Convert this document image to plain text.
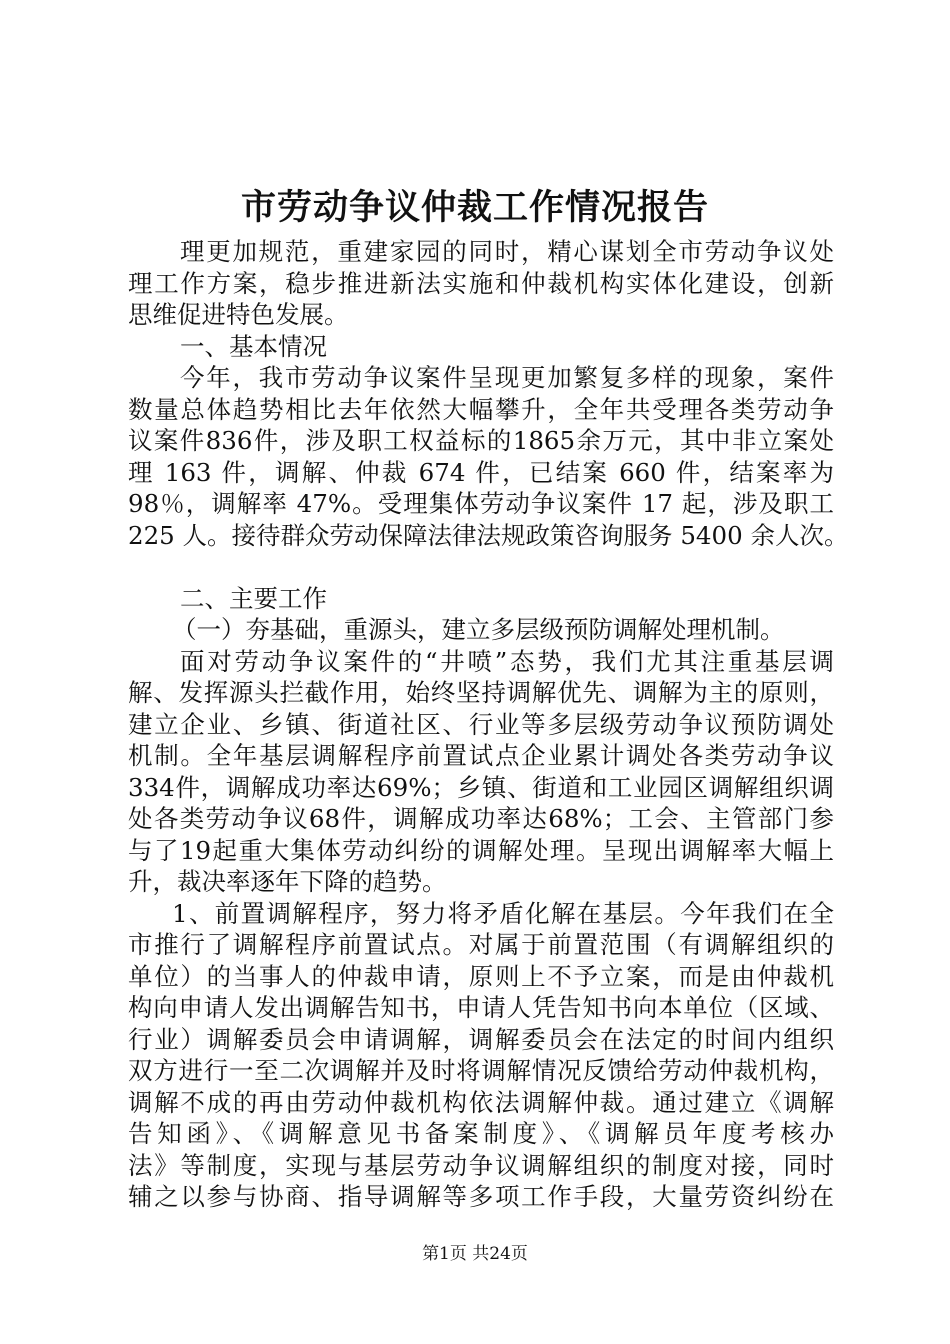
市劳动争议仲裁工作情况报告
理更加规范，重建家园的同时，精心谋划全市劳动争议处
理工作方案，稳步推进新法实施和仲裁机构实体化建设，创新
思维促进特色发展。
一、基本情况
今年，我市劳动争议案件呈现更加繁复多样的现象，案件
数量总体趋势相比去年依然大幅攀升，全年共受理各类劳动争
议案件836件，涉及职工权益标的1865余万元，其中非立案处
理 163 件，调解、仲裁 674 件，已结案 660 件，结案率为
98％，调解率 47%。受理集体劳动争议案件 17 起，涉及职工
225 人。接待群众劳动保障法律法规政策咨询服务 5400 余人次。
二、主要工作
（一）夯基础，重源头，建立多层级预防调解处理机制。
面对劳动争议案件的“井喷”态势，我们尤其注重基层调
解、发挥源头拦截作用，始终坚持调解优先、调解为主的原则，
建立企业、乡镇、街道社区、行业等多层级劳动争议预防调处
机制。全年基层调解程序前置试点企业累计调处各类劳动争议
334件，调解成功率达69%；乡镇、街道和工业园区调解组织调
处各类劳动争议68件，调解成功率达68%；工会、主管部门参
与了19起重大集体劳动纠纷的调解处理。呈现出调解率大幅上
升，裁决率逐年下降的趋势。
1、前置调解程序，努力将矛盾化解在基层。今年我们在全
市推行了调解程序前置试点。对属于前置范围（有调解组织的
单位）的当事人的仲裁申请，原则上不予立案，而是由仲裁机
构向申请人发出调解告知书，申请人凭告知书向本单位（区域、
行业）调解委员会申请调解，调解委员会在法定的时间内组织
双方进行一至二次调解并及时将调解情况反馈给劳动仲裁机构，
调解不成的再由劳动仲裁机构依法调解仲裁。通过建立《调解
告知函》、《调解意见书备案制度》、《调解员年度考核办
法》等制度，实现与基层劳动争议调解组织的制度对接，同时
辅之以参与协商、指导调解等多项工作手段，大量劳资纠纷在
第1页 共24页
